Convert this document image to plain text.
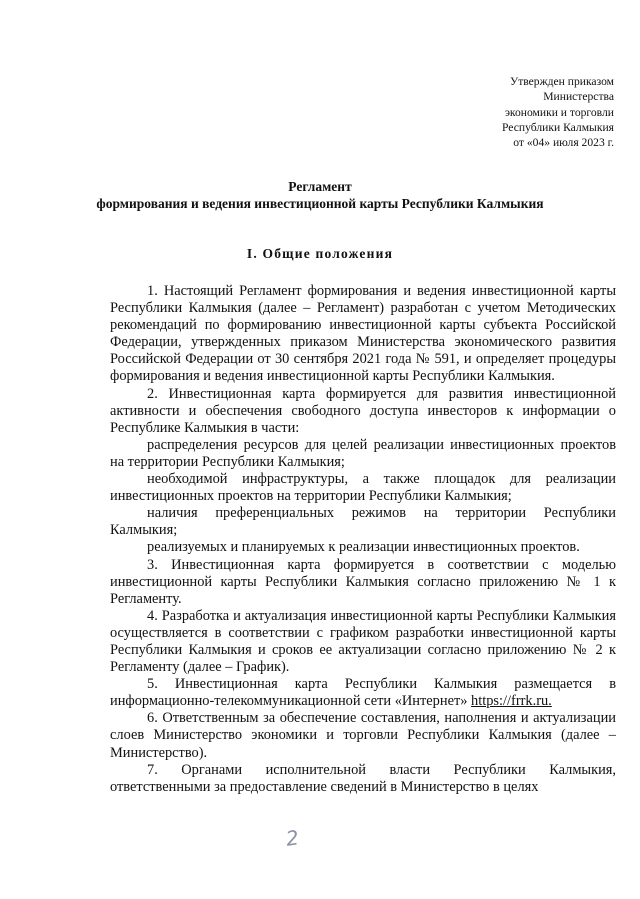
Утвержден приказом
Министерства
экономики и торговли
Республики Калмыкия
от «04» июля 2023 г.
Регламент
формирования и ведения инвестиционной карты Республики Калмыкия
I. Общие положения

1. Настоящий Регламент формирования и ведения инвестиционной карты Республики Калмыкия (далее – Регламент) разработан с учетом Методических рекомендаций по формированию инвестиционной карты субъекта Российской Федерации, утвержденных приказом Министерства экономического развития Российской Федерации от 30 сентября 2021 года № 591, и определяет процедуры формирования и ведения инвестиционной карты Республики Калмыкия.

2. Инвестиционная карта формируется для развития инвестиционной активности и обеспечения свободного доступа инвесторов к информации о Республике Калмыкия в части:

распределения ресурсов для целей реализации инвестиционных проектов на территории Республики Калмыкия;

необходимой инфраструктуры, а также площадок для реализации инвестиционных проектов на территории Республики Калмыкия;

наличия преференциальных режимов на территории Республики Калмыкия;

реализуемых и планируемых к реализации инвестиционных проектов.

3. Инвестиционная карта формируется в соответствии с моделью инвестиционной карты Республики Калмыкия согласно приложению № 1 к Регламенту.

4. Разработка и актуализация инвестиционной карты Республики Калмыкия осуществляется в соответствии с графиком разработки инвестиционной карты Республики Калмыкия и сроков ее актуализации согласно приложению № 2 к Регламенту (далее – График).

5. Инвестиционная карта Республики Калмыкия размещается в информационно-телекоммуникационной сети «Интернет» https://frrk.ru.

6. Ответственным за обеспечение составления, наполнения и актуализации слоев Министерство экономики и торговли Республики Калмыкия (далее – Министерство).

7. Органами исполнительной власти Республики Калмыкия, ответственными за предоставление сведений в Министерство в целях

2
